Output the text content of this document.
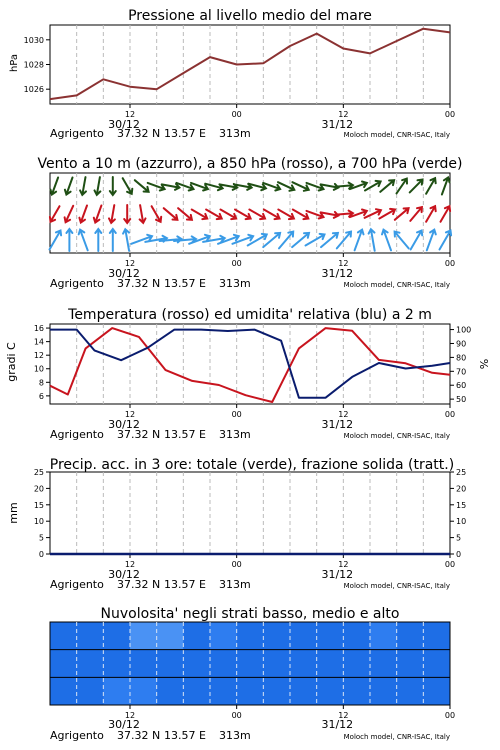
Pressione al livello medio del mare
hPa
1026
1028
1030
12
30/12
00	12
31/12
00
Agrigento 37.32 N 13.57 E 313m	Moloch model, CNR-ISAC, Italy
Vento a 10 m (azzurro), a 850 hPa (rosso), a 700 hPa (verde)
12
30/12
00	12
31/12
00
Agrigento 37.32 N 13.57 E 313m	Moloch model, CNR-ISAC, Italy
Temperatura (rosso) ed umidita' relativa (blu) a 2 m
gradi C	%
6
8
10
12
14
16
50
60
70
80
90
100
12
30/12
00	12
31/12
00
Agrigento 37.32 N 13.57 E 313m	Moloch model, CNR-ISAC, Italy
Precip. acc. in 3 ore: totale (verde), frazione solida (tratt.)
mm
0
5
10
15
20
25
0
5
10
15
20
25
12
30/12
00	12
31/12
00
Agrigento 37.32 N 13.57 E 313m	Moloch model, CNR-ISAC, Italy
Nuvolosita' negli strati basso, medio e alto
12
30/12
00	12
31/12
00
Agrigento 37.32 N 13.57 E 313m	Moloch model, CNR-ISAC, Italy
